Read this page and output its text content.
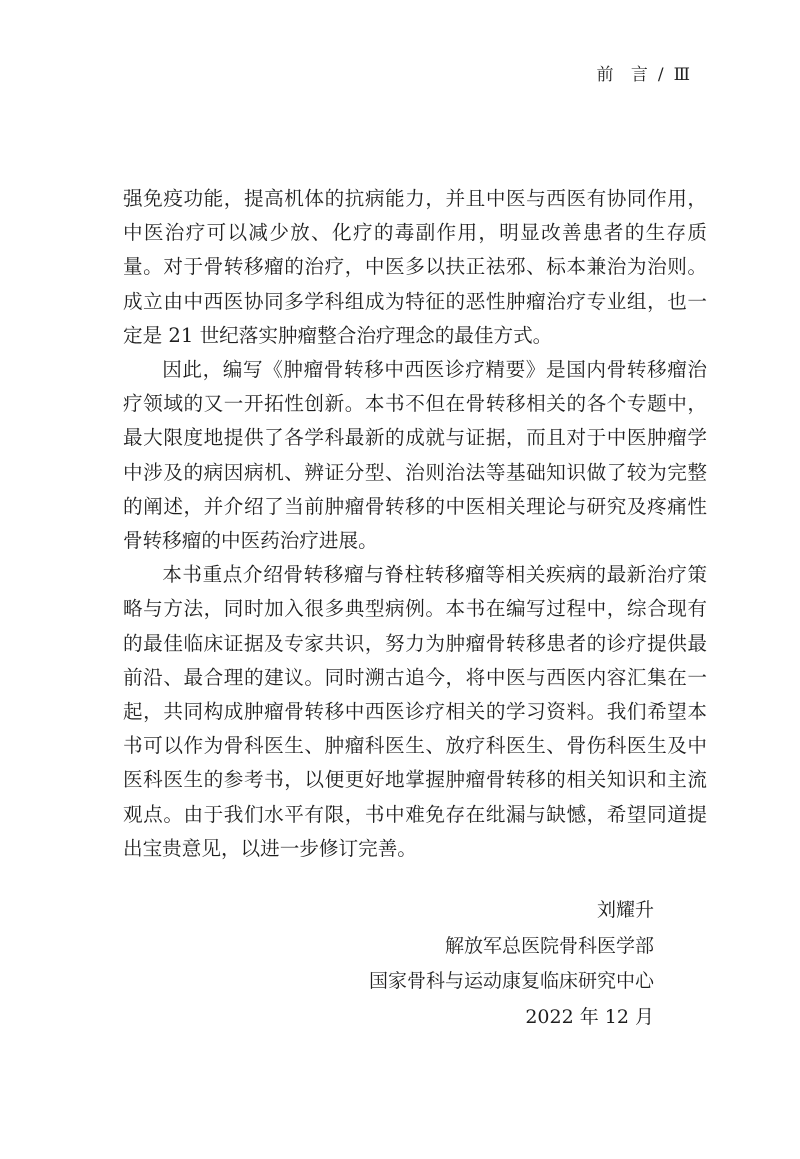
前 言 / Ⅲ

强免疫功能，提高机体的抗病能力，并且中医与西医有协同作用，中医治疗可以减少放、化疗的毒副作用，明显改善患者的生存质量。对于骨转移瘤的治疗，中医多以扶正祛邪、标本兼治为治则。成立由中西医协同多学科组成为特征的恶性肿瘤治疗专业组，也一定是 21 世纪落实肿瘤整合治疗理念的最佳方式。

因此，编写《肿瘤骨转移中西医诊疗精要》是国内骨转移瘤治疗领域的又一开拓性创新。本书不但在骨转移相关的各个专题中，最大限度地提供了各学科最新的成就与证据，而且对于中医肿瘤学中涉及的病因病机、辨证分型、治则治法等基础知识做了较为完整的阐述，并介绍了当前肿瘤骨转移的中医相关理论与研究及疼痛性骨转移瘤的中医药治疗进展。

本书重点介绍骨转移瘤与脊柱转移瘤等相关疾病的最新治疗策略与方法，同时加入很多典型病例。本书在编写过程中，综合现有的最佳临床证据及专家共识，努力为肿瘤骨转移患者的诊疗提供最前沿、最合理的建议。同时溯古追今，将中医与西医内容汇集在一起，共同构成肿瘤骨转移中西医诊疗相关的学习资料。我们希望本书可以作为骨科医生、肿瘤科医生、放疗科医生、骨伤科医生及中医科医生的参考书，以便更好地掌握肿瘤骨转移的相关知识和主流观点。由于我们水平有限，书中难免存在纰漏与缺憾，希望同道提出宝贵意见，以进一步修订完善。

刘耀升
解放军总医院骨科医学部
国家骨科与运动康复临床研究中心
2022 年 12 月
